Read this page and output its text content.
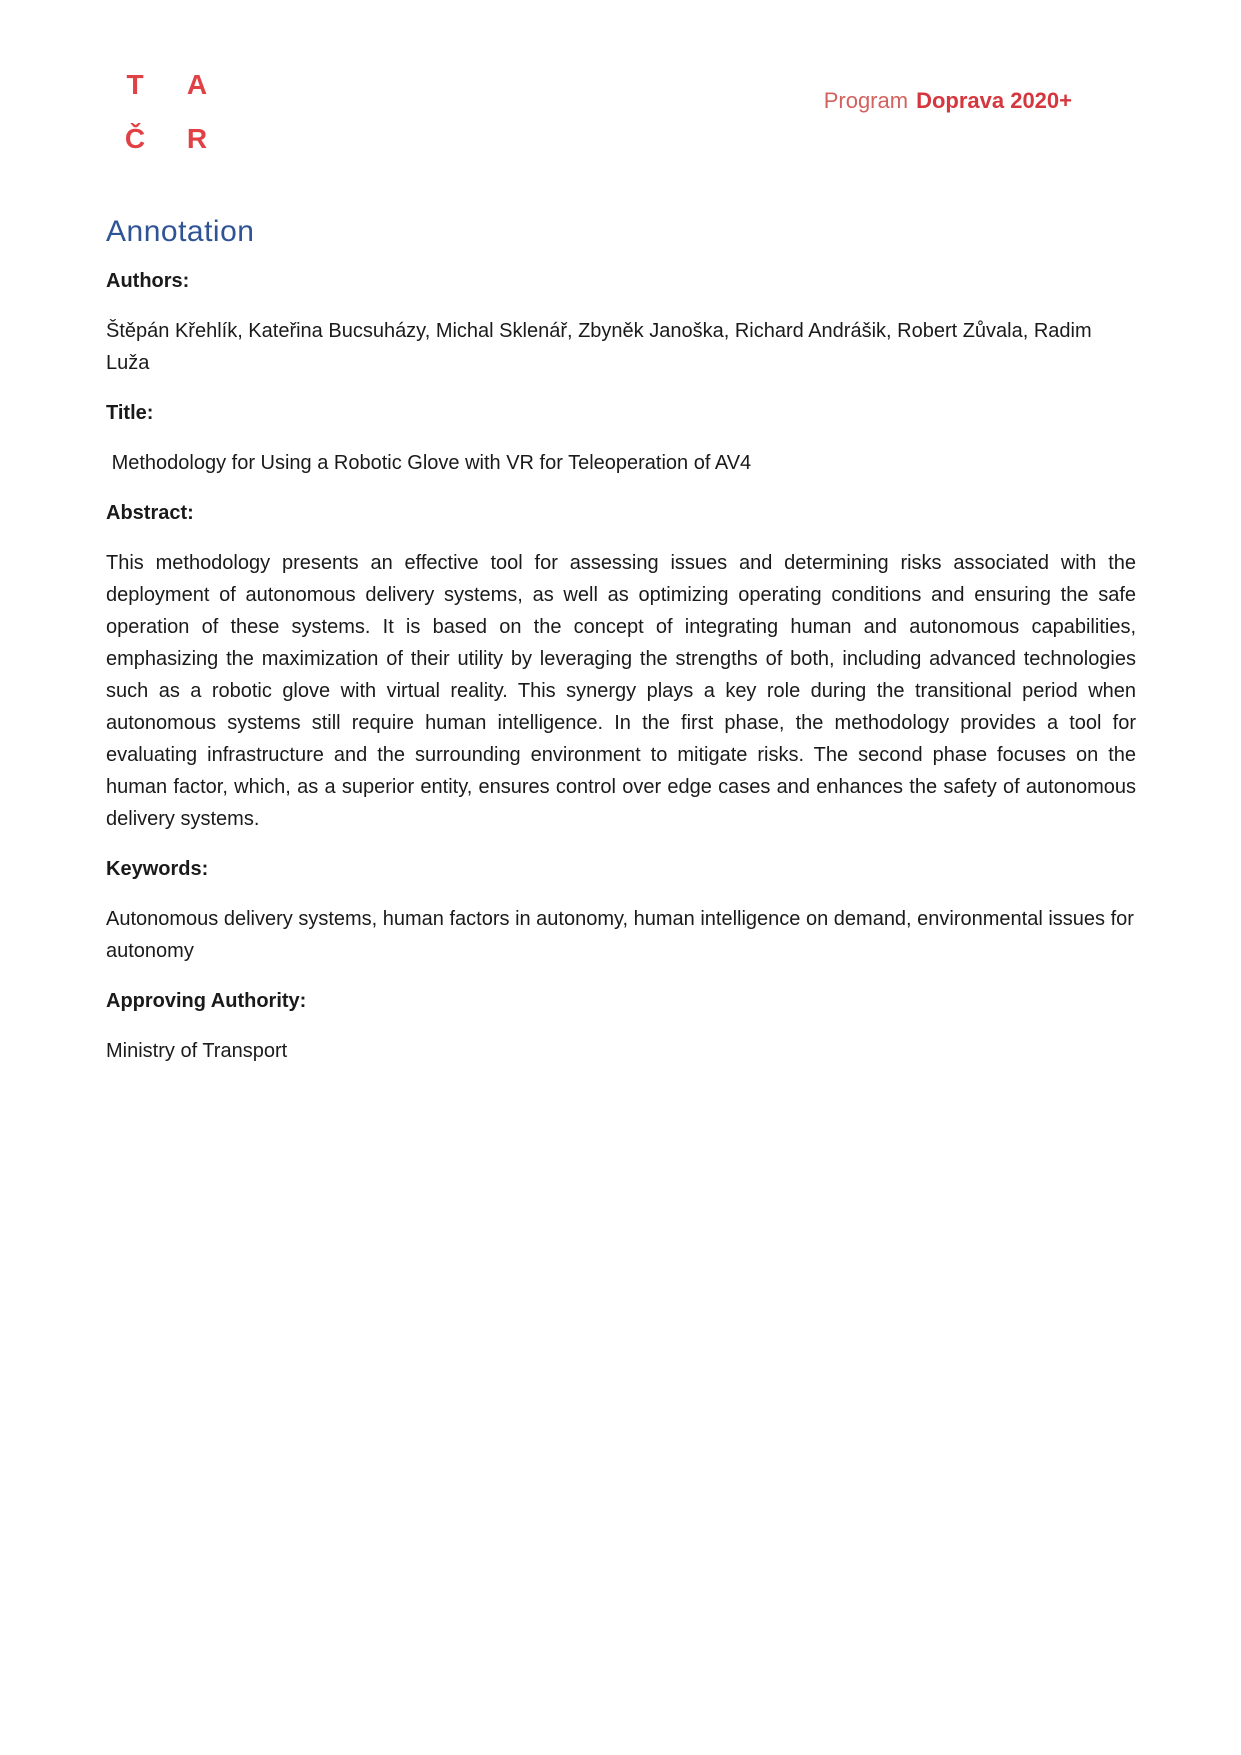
T	A
Č	R
Program Doprava 2020+
Annotation

Authors:

Štěpán Křehlík, Kateřina Bucsuházy, Michal Sklenář, Zbyněk Janoška, Richard Andrášik, Robert Zůvala, Radim Luža

Title:

Methodology for Using a Robotic Glove with VR for Teleoperation of AV4

Abstract:

This methodology presents an effective tool for assessing issues and determining risks associated with the deployment of autonomous delivery systems, as well as optimizing operating conditions and ensuring the safe operation of these systems. It is based on the concept of integrating human and autonomous capabilities, emphasizing the maximization of their utility by leveraging the strengths of both, including advanced technologies such as a robotic glove with virtual reality. This synergy plays a key role during the transitional period when autonomous systems still require human intelligence. In the first phase, the methodology provides a tool for evaluating infrastructure and the surrounding environment to mitigate risks. The second phase focuses on the human factor, which, as a superior entity, ensures control over edge cases and enhances the safety of autonomous delivery systems.

Keywords:

Autonomous delivery systems, human factors in autonomy, human intelligence on demand, environmental issues for autonomy

Approving Authority:

Ministry of Transport
